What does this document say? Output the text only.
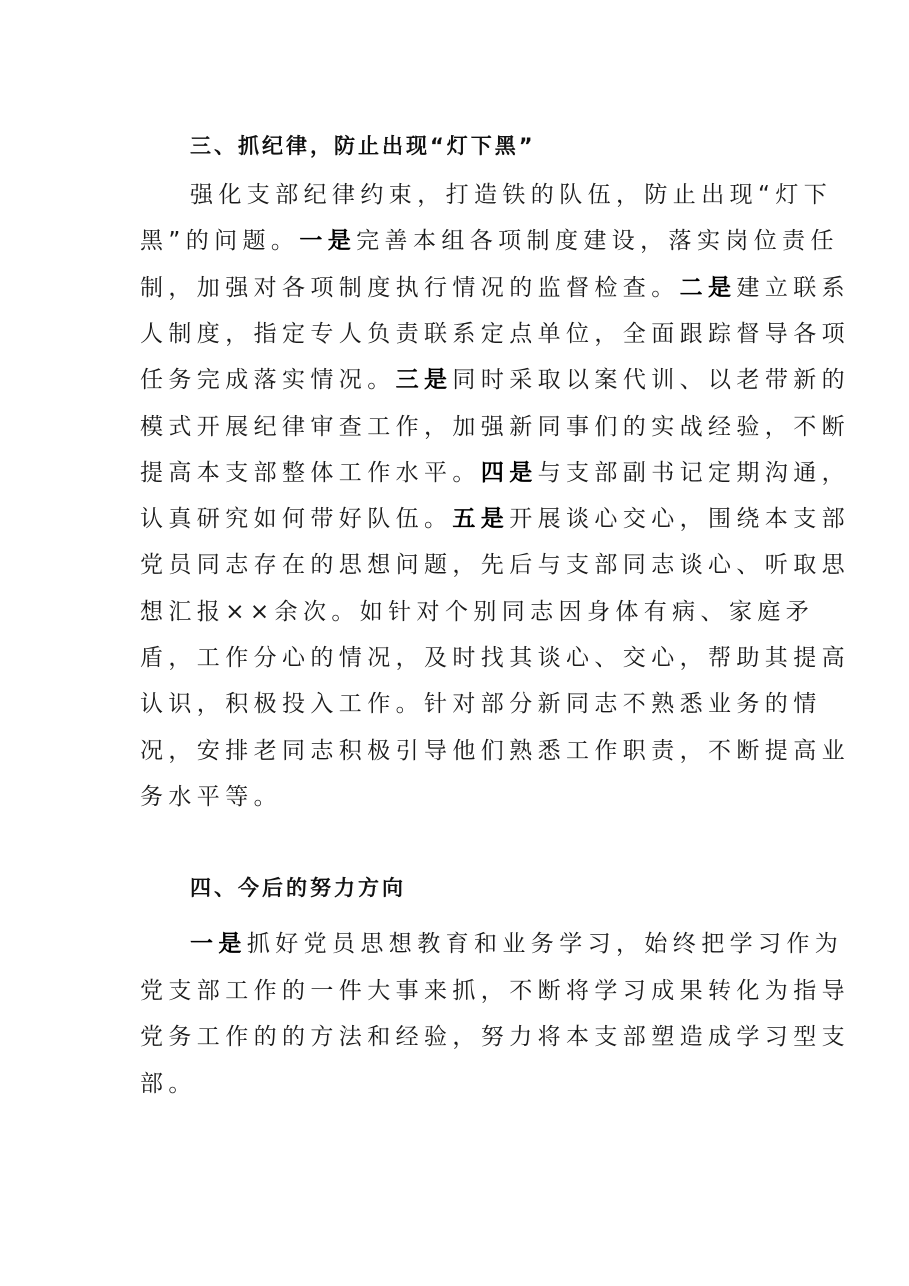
三、抓纪律，防止出现“灯下黑”
强化支部纪律约束，打造铁的队伍，防止出现“灯下
黑”的问题。一是完善本组各项制度建设，落实岗位责任
制，加强对各项制度执行情况的监督检查。二是建立联系
人制度，指定专人负责联系定点单位，全面跟踪督导各项
任务完成落实情况。三是同时采取以案代训、以老带新的
模式开展纪律审查工作，加强新同事们的实战经验，不断
提高本支部整体工作水平。四是与支部副书记定期沟通，
认真研究如何带好队伍。五是开展谈心交心，围绕本支部
党员同志存在的思想问题，先后与支部同志谈心、听取思
想汇报××余次。如针对个别同志因身体有病、家庭矛
盾，工作分心的情况，及时找其谈心、交心，帮助其提高
认识，积极投入工作。针对部分新同志不熟悉业务的情
况，安排老同志积极引导他们熟悉工作职责，不断提高业
务水平等。
四、今后的努力方向
一是抓好党员思想教育和业务学习，始终把学习作为
党支部工作的一件大事来抓，不断将学习成果转化为指导
党务工作的的方法和经验，努力将本支部塑造成学习型支
部。
